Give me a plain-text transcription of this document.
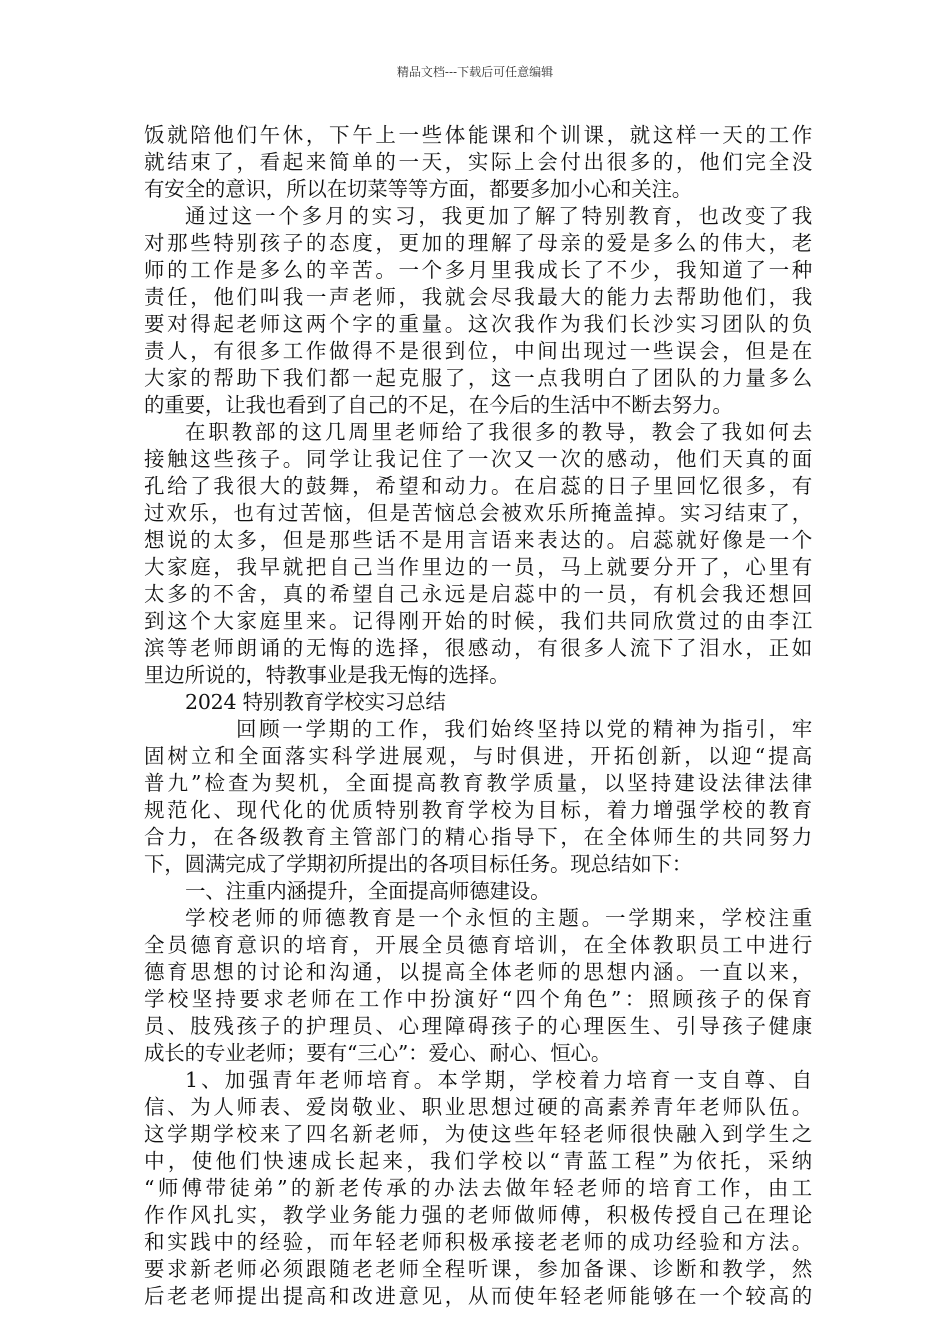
精品文档---下载后可任意编辑
饭就陪他们午休，下午上一些体能课和个训课，就这样一天的工作
就结束了，看起来简单的一天，实际上会付出很多的，他们完全没
有安全的意识，所以在切菜等等方面，都要多加小心和关注。
通过这一个多月的实习，我更加了解了特别教育，也改变了我
对那些特别孩子的态度，更加的理解了母亲的爱是多么的伟大，老
师的工作是多么的辛苦。一个多月里我成长了不少，我知道了一种
责任，他们叫我一声老师，我就会尽我最大的能力去帮助他们，我
要对得起老师这两个字的重量。这次我作为我们长沙实习团队的负
责人，有很多工作做得不是很到位，中间出现过一些误会，但是在
大家的帮助下我们都一起克服了，这一点我明白了团队的力量多么
的重要，让我也看到了自己的不足，在今后的生活中不断去努力。
在职教部的这几周里老师给了我很多的教导，教会了我如何去
接触这些孩子。同学让我记住了一次又一次的感动，他们天真的面
孔给了我很大的鼓舞，希望和动力。在启蕊的日子里回忆很多，有
过欢乐，也有过苦恼，但是苦恼总会被欢乐所掩盖掉。实习结束了，
想说的太多，但是那些话不是用言语来表达的。启蕊就好像是一个
大家庭，我早就把自己当作里边的一员，马上就要分开了，心里有
太多的不舍，真的希望自己永远是启蕊中的一员，有机会我还想回
到这个大家庭里来。记得刚开始的时候，我们共同欣赏过的由李江
滨等老师朗诵的无悔的选择，很感动，有很多人流下了泪水，正如
里边所说的，特教事业是我无悔的选择。
2024 特别教育学校实习总结
回顾一学期的工作，我们始终坚持以党的精神为指引，牢
固树立和全面落实科学进展观，与时俱进，开拓创新，以迎“提高
普九”检查为契机，全面提高教育教学质量，以坚持建设法律法律
规范化、现代化的优质特别教育学校为目标，着力增强学校的教育
合力，在各级教育主管部门的精心指导下，在全体师生的共同努力
下，圆满完成了学期初所提出的各项目标任务。现总结如下：
一、注重内涵提升，全面提高师德建设。
学校老师的师德教育是一个永恒的主题。一学期来，学校注重
全员德育意识的培育，开展全员德育培训，在全体教职员工中进行
德育思想的讨论和沟通，以提高全体老师的思想内涵。一直以来，
学校坚持要求老师在工作中扮演好“四个角色”：照顾孩子的保育
员、肢残孩子的护理员、心理障碍孩子的心理医生、引导孩子健康
成长的专业老师；要有“三心”：爱心、耐心、恒心。
1、加强青年老师培育。本学期，学校着力培育一支自尊、自
信、为人师表、爱岗敬业、职业思想过硬的高素养青年老师队伍。
这学期学校来了四名新老师，为使这些年轻老师很快融入到学生之
中，使他们快速成长起来，我们学校以“青蓝工程”为依托，采纳
“师傅带徒弟”的新老传承的办法去做年轻老师的培育工作，由工
作作风扎实，教学业务能力强的老师做师傅，积极传授自己在理论
和实践中的经验，而年轻老师积极承接老老师的成功经验和方法。
要求新老师必须跟随老老师全程听课，参加备课、诊断和教学，然
后老老师提出提高和改进意见，从而使年轻老师能够在一个较高的
